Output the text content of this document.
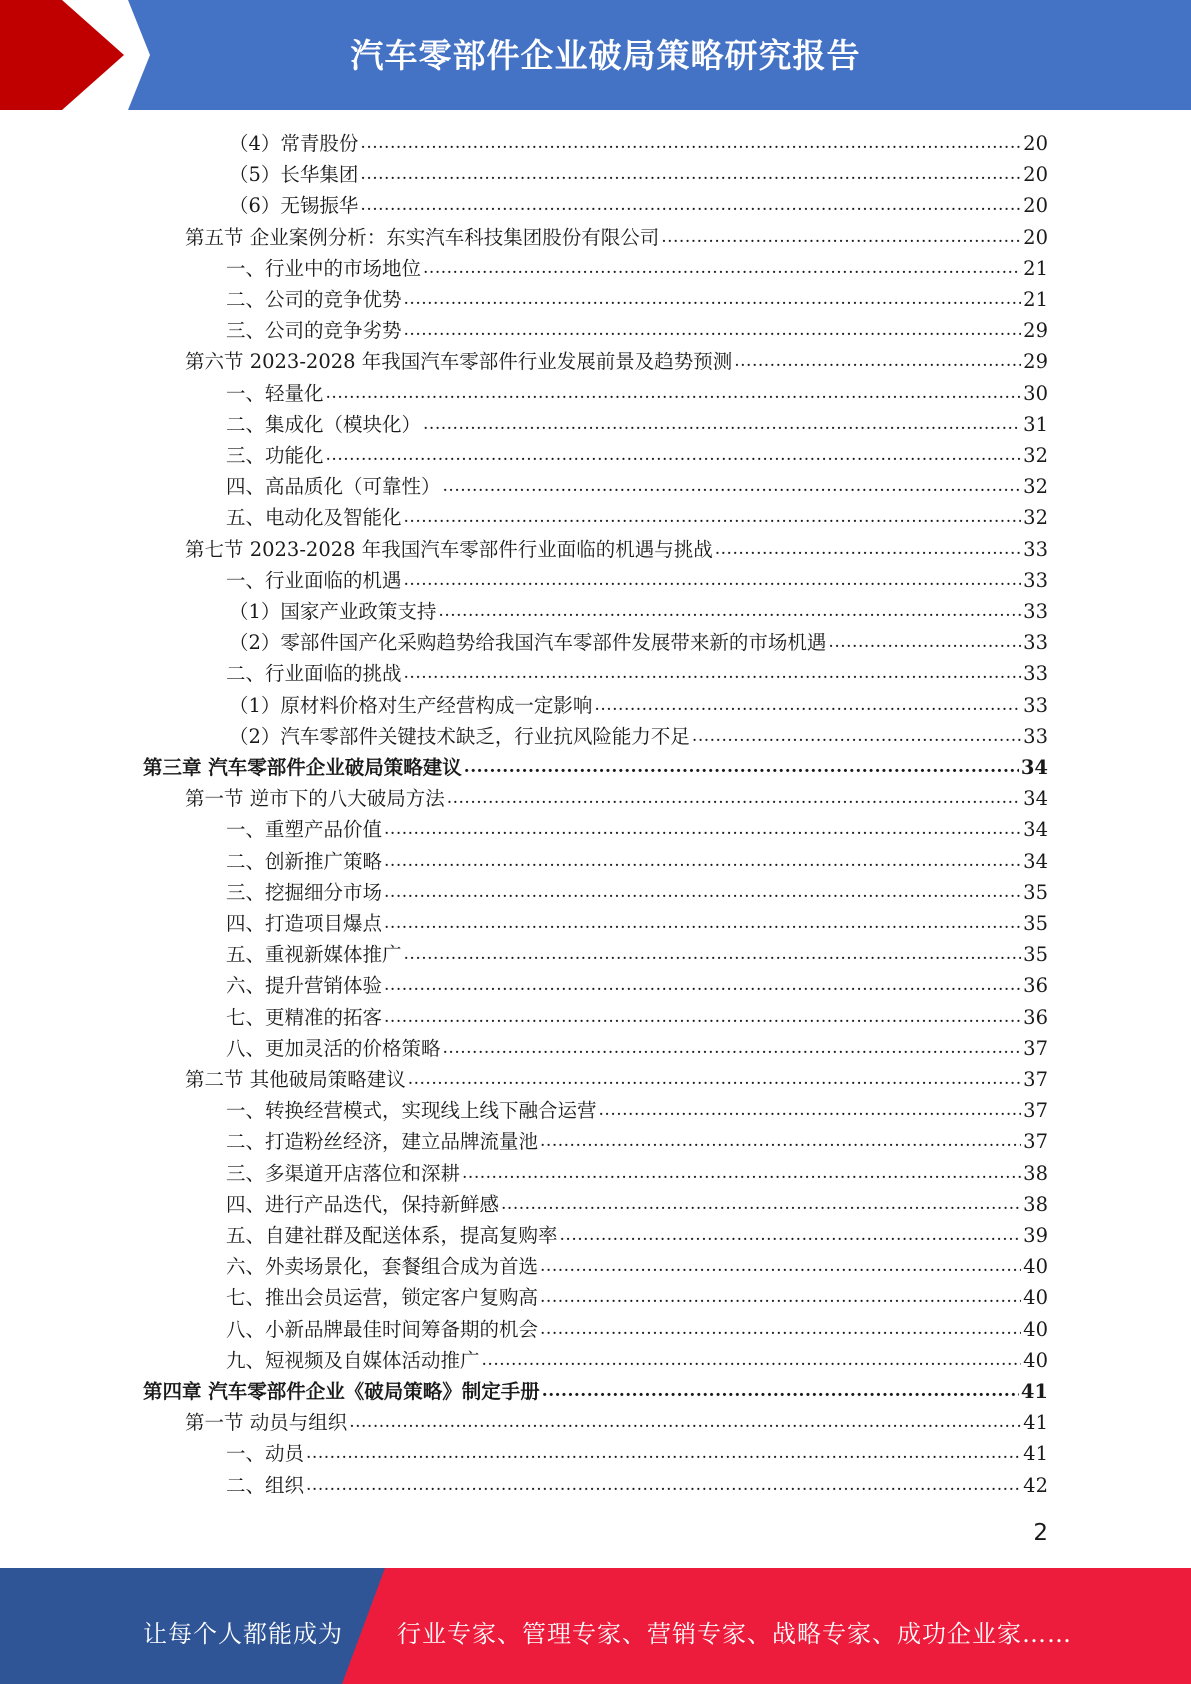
汽车零部件企业破局策略研究报告
（4）常青股份 .....	20
（5）长华集团 .....	20
（6）无锡振华 .....	20
第五节 企业案例分析：东实汽车科技集团股份有限公司 .....	20
一、行业中的市场地位 .....	21
二、公司的竞争优势 .....	21
三、公司的竞争劣势 .....	29
第六节 2023-2028 年我国汽车零部件行业发展前景及趋势预测 .....	29
一、轻量化 .....	30
二、集成化（模块化） .....	31
三、功能化 .....	32
四、高品质化（可靠性） .....	32
五、电动化及智能化 .....	32
第七节 2023-2028 年我国汽车零部件行业面临的机遇与挑战 .....	33
一、行业面临的机遇 .....	33
（1）国家产业政策支持 .....	33
（2）零部件国产化采购趋势给我国汽车零部件发展带来新的市场机遇 .....	33
二、行业面临的挑战 .....	33
（1）原材料价格对生产经营构成一定影响 .....	33
（2）汽车零部件关键技术缺乏，行业抗风险能力不足 .....	33
第三章 汽车零部件企业破局策略建议 .....	34
第一节 逆市下的八大破局方法 .....	34
一、重塑产品价值 .....	34
二、创新推广策略 .....	34
三、挖掘细分市场 .....	35
四、打造项目爆点 .....	35
五、重视新媒体推广 .....	35
六、提升营销体验 .....	36
七、更精准的拓客 .....	36
八、更加灵活的价格策略 .....	37
第二节 其他破局策略建议 .....	37
一、转换经营模式，实现线上线下融合运营 .....	37
二、打造粉丝经济，建立品牌流量池 .....	37
三、多渠道开店落位和深耕 .....	38
四、进行产品迭代，保持新鲜感 .....	38
五、自建社群及配送体系，提高复购率 .....	39
六、外卖场景化，套餐组合成为首选 .....	40
七、推出会员运营，锁定客户复购高 .....	40
八、小新品牌最佳时间筹备期的机会 .....	40
九、短视频及自媒体活动推广 .....	40
第四章 汽车零部件企业《破局策略》制定手册 .....	41
第一节 动员与组织 .....	41
一、动员 .....	41
二、组织 .....	42
2
让每个人都能成为 行业专家、管理专家、营销专家、战略专家、成功企业家……
